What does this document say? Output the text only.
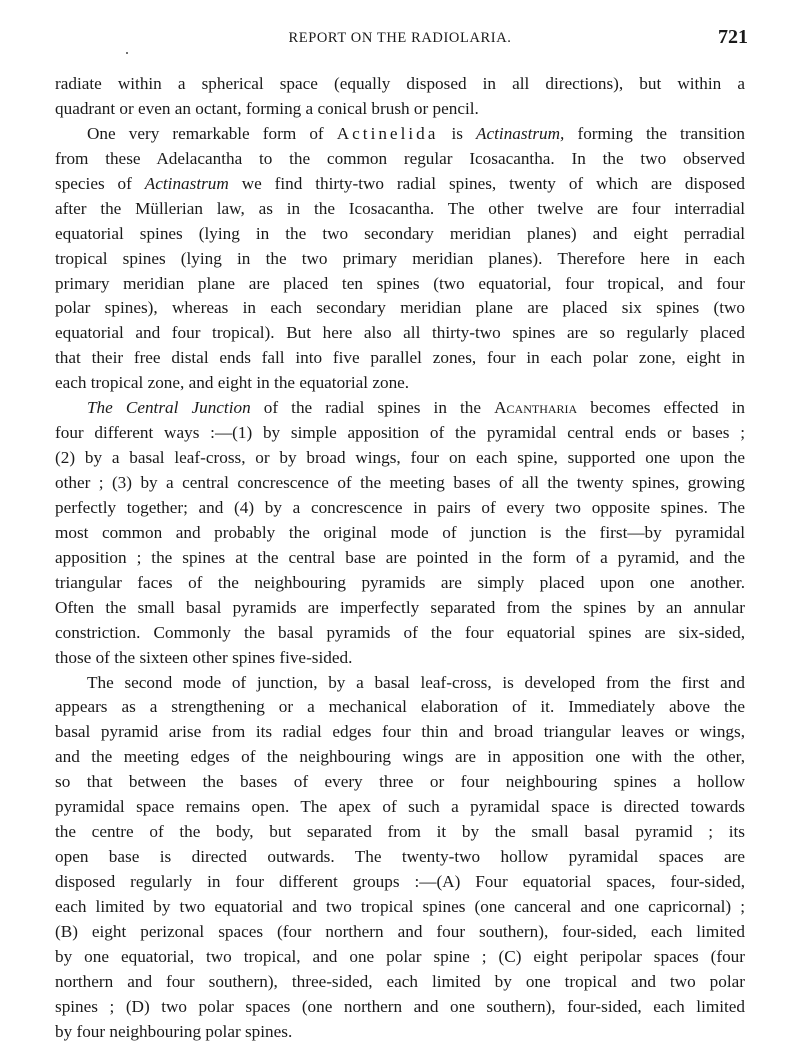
REPORT ON THE RADIOLARIA.	721
radiate within a spherical space (equally disposed in all directions), but within a
quadrant or even an octant, forming a conical brush or pencil.
One very remarkable form of Actinelida is Actinastrum, forming the transition
from these Adelacantha to the common regular Icosacantha. In the two observed
species of Actinastrum we find thirty-two radial spines, twenty of which are disposed
after the Müllerian law, as in the Icosacantha. The other twelve are four interradial
equatorial spines (lying in the two secondary meridian planes) and eight perradial
tropical spines (lying in the two primary meridian planes). Therefore here in each
primary meridian plane are placed ten spines (two equatorial, four tropical, and four
polar spines), whereas in each secondary meridian plane are placed six spines (two
equatorial and four tropical). But here also all thirty-two spines are so regularly placed
that their free distal ends fall into five parallel zones, four in each polar zone, eight in
each tropical zone, and eight in the equatorial zone.
The Central Junction of the radial spines in the Acantharia becomes effected in
four different ways :—(1) by simple apposition of the pyramidal central ends or bases ;
(2) by a basal leaf-cross, or by broad wings, four on each spine, supported one upon the
other ; (3) by a central concrescence of the meeting bases of all the twenty spines, growing
perfectly together; and (4) by a concrescence in pairs of every two opposite spines. The
most common and probably the original mode of junction is the first—by pyramidal
apposition ; the spines at the central base are pointed in the form of a pyramid, and the
triangular faces of the neighbouring pyramids are simply placed upon one another.
Often the small basal pyramids are imperfectly separated from the spines by an annular
constriction. Commonly the basal pyramids of the four equatorial spines are six-sided,
those of the sixteen other spines five-sided.
The second mode of junction, by a basal leaf-cross, is developed from the first and
appears as a strengthening or a mechanical elaboration of it. Immediately above the
basal pyramid arise from its radial edges four thin and broad triangular leaves or wings,
and the meeting edges of the neighbouring wings are in apposition one with the other,
so that between the bases of every three or four neighbouring spines a hollow
pyramidal space remains open. The apex of such a pyramidal space is directed towards
the centre of the body, but separated from it by the small basal pyramid ; its
open base is directed outwards. The twenty-two hollow pyramidal spaces are
disposed regularly in four different groups :—(A) Four equatorial spaces, four-sided,
each limited by two equatorial and two tropical spines (one canceral and one capricornal) ;
(B) eight perizonal spaces (four northern and four southern), four-sided, each limited
by one equatorial, two tropical, and one polar spine ; (C) eight peripolar spaces (four
northern and four southern), three-sided, each limited by one tropical and two polar
spines ; (D) two polar spaces (one northern and one southern), four-sided, each limited
by four neighbouring polar spines.
